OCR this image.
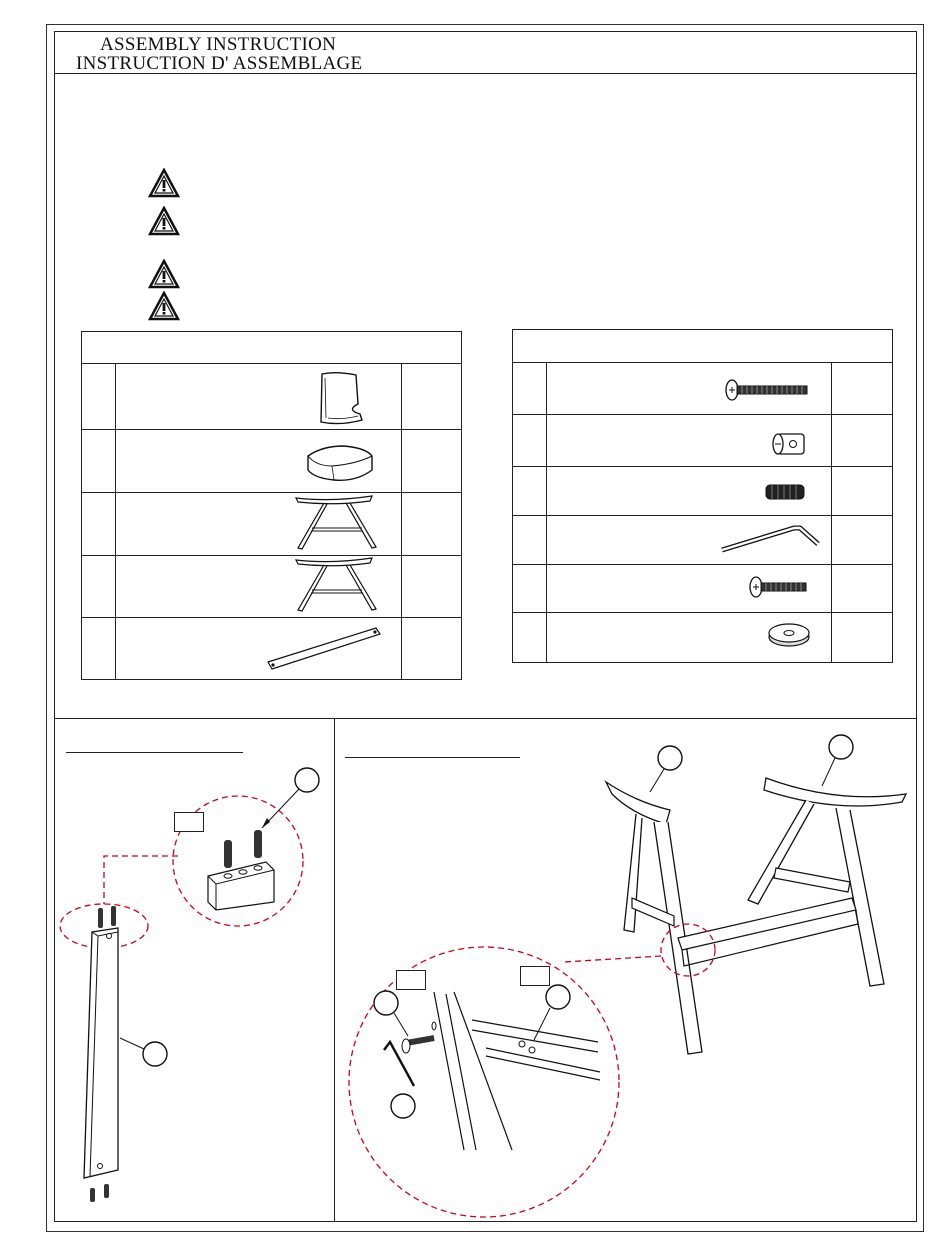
ASSEMBLY INSTRUCTION
INSTRUCTION D' ASSEMBLAGE
